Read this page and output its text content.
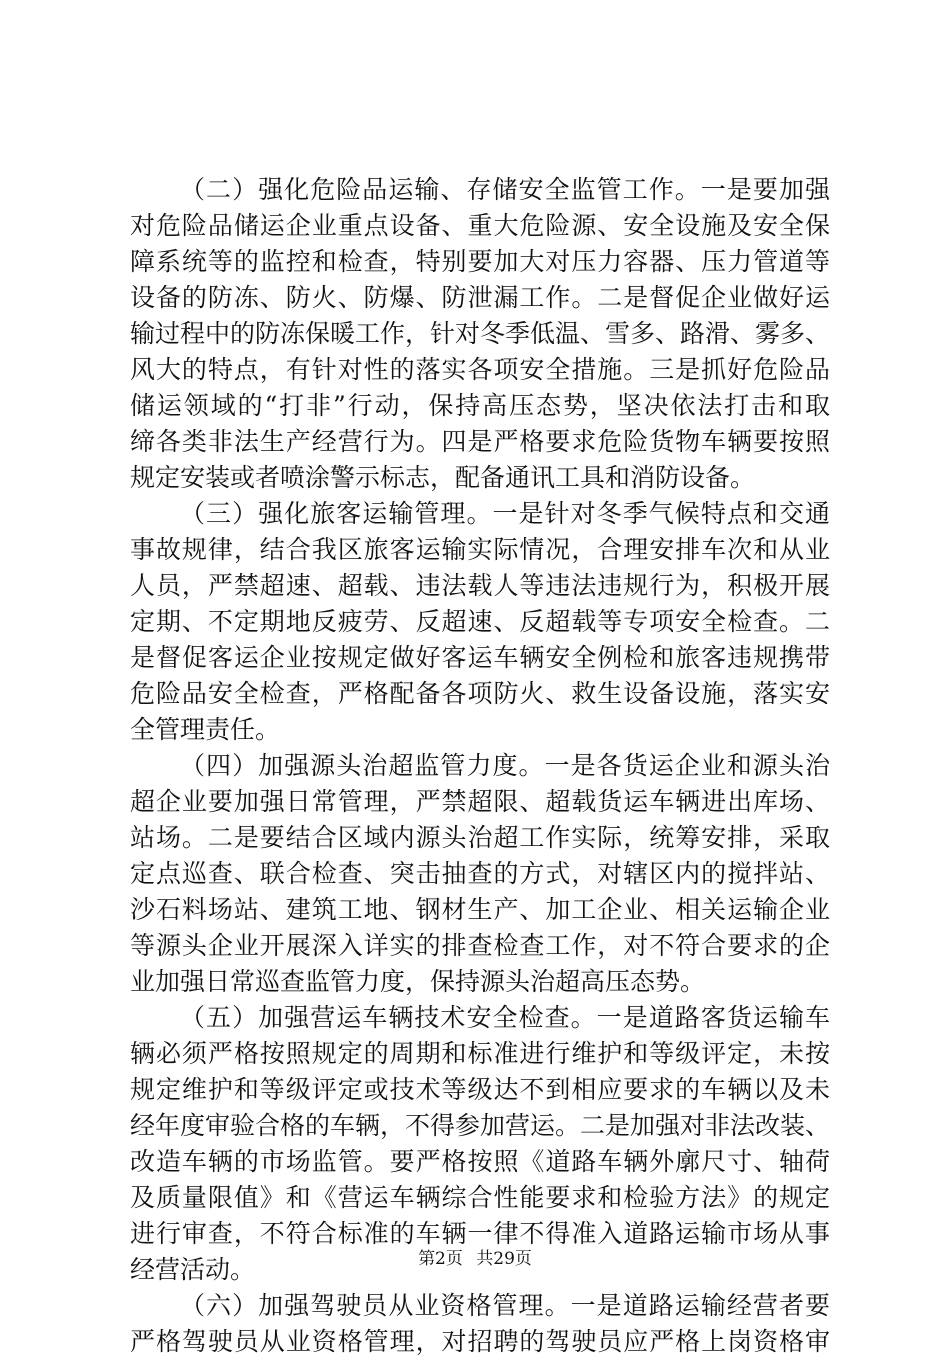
（二）强化危险品运输、存储安全监管工作。一是要加强
对危险品储运企业重点设备、重大危险源、安全设施及安全保
障系统等的监控和检查，特别要加大对压力容器、压力管道等
设备的防冻、防火、防爆、防泄漏工作。二是督促企业做好运
输过程中的防冻保暖工作，针对冬季低温、雪多、路滑、雾多、
风大的特点，有针对性的落实各项安全措施。三是抓好危险品
储运领域的“打非”行动，保持高压态势，坚决依法打击和取
缔各类非法生产经营行为。四是严格要求危险货物车辆要按照
规定安装或者喷涂警示标志，配备通讯工具和消防设备。
（三）强化旅客运输管理。一是针对冬季气候特点和交通
事故规律，结合我区旅客运输实际情况，合理安排车次和从业
人员，严禁超速、超载、违法载人等违法违规行为，积极开展
定期、不定期地反疲劳、反超速、反超载等专项安全检查。二
是督促客运企业按规定做好客运车辆安全例检和旅客违规携带
危险品安全检查，严格配备各项防火、救生设备设施，落实安
全管理责任。
（四）加强源头治超监管力度。一是各货运企业和源头治
超企业要加强日常管理，严禁超限、超载货运车辆进出库场、
站场。二是要结合区域内源头治超工作实际，统筹安排，采取
定点巡查、联合检查、突击抽查的方式，对辖区内的搅拌站、
沙石料场站、建筑工地、钢材生产、加工企业、相关运输企业
等源头企业开展深入详实的排查检查工作，对不符合要求的企
业加强日常巡查监管力度，保持源头治超高压态势。
（五）加强营运车辆技术安全检查。一是道路客货运输车
辆必须严格按照规定的周期和标准进行维护和等级评定，未按
规定维护和等级评定或技术等级达不到相应要求的车辆以及未
经年度审验合格的车辆，不得参加营运。二是加强对非法改装、
改造车辆的市场监管。要严格按照《道路车辆外廓尺寸、轴荷
及质量限值》和《营运车辆综合性能要求和检验方法》的规定
进行审查，不符合标准的车辆一律不得准入道路运输市场从事
经营活动。
（六）加强驾驶员从业资格管理。一是道路运输经营者要
严格驾驶员从业资格管理，对招聘的驾驶员应严格上岗资格审
第2页 共29页
